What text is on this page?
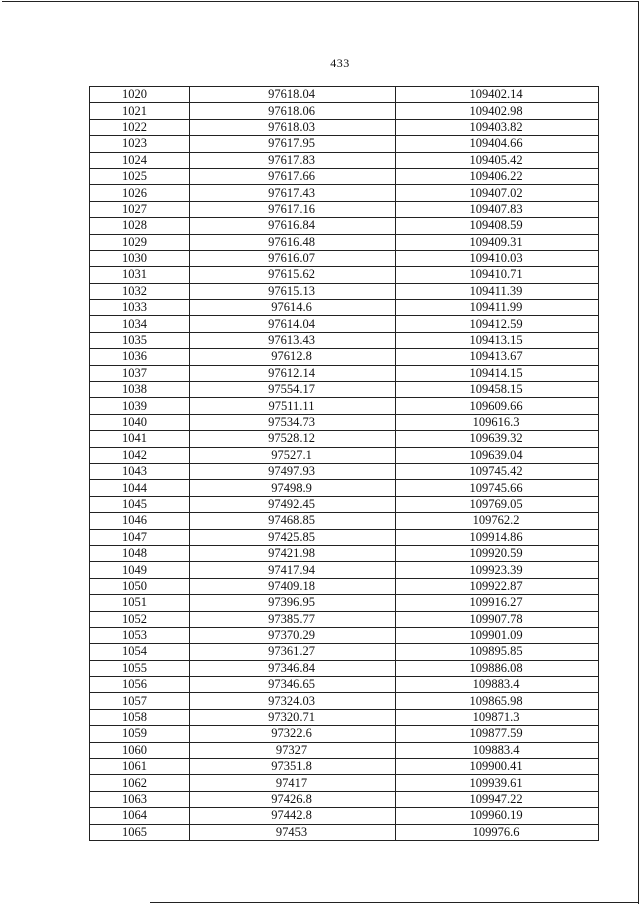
433
1020	97618.04	109402.14
1021	97618.06	109402.98
1022	97618.03	109403.82
1023	97617.95	109404.66
1024	97617.83	109405.42
1025	97617.66	109406.22
1026	97617.43	109407.02
1027	97617.16	109407.83
1028	97616.84	109408.59
1029	97616.48	109409.31
1030	97616.07	109410.03
1031	97615.62	109410.71
1032	97615.13	109411.39
1033	97614.6	109411.99
1034	97614.04	109412.59
1035	97613.43	109413.15
1036	97612.8	109413.67
1037	97612.14	109414.15
1038	97554.17	109458.15
1039	97511.11	109609.66
1040	97534.73	109616.3
1041	97528.12	109639.32
1042	97527.1	109639.04
1043	97497.93	109745.42
1044	97498.9	109745.66
1045	97492.45	109769.05
1046	97468.85	109762.2
1047	97425.85	109914.86
1048	97421.98	109920.59
1049	97417.94	109923.39
1050	97409.18	109922.87
1051	97396.95	109916.27
1052	97385.77	109907.78
1053	97370.29	109901.09
1054	97361.27	109895.85
1055	97346.84	109886.08
1056	97346.65	109883.4
1057	97324.03	109865.98
1058	97320.71	109871.3
1059	97322.6	109877.59
1060	97327	109883.4
1061	97351.8	109900.41
1062	97417	109939.61
1063	97426.8	109947.22
1064	97442.8	109960.19
1065	97453	109976.6
